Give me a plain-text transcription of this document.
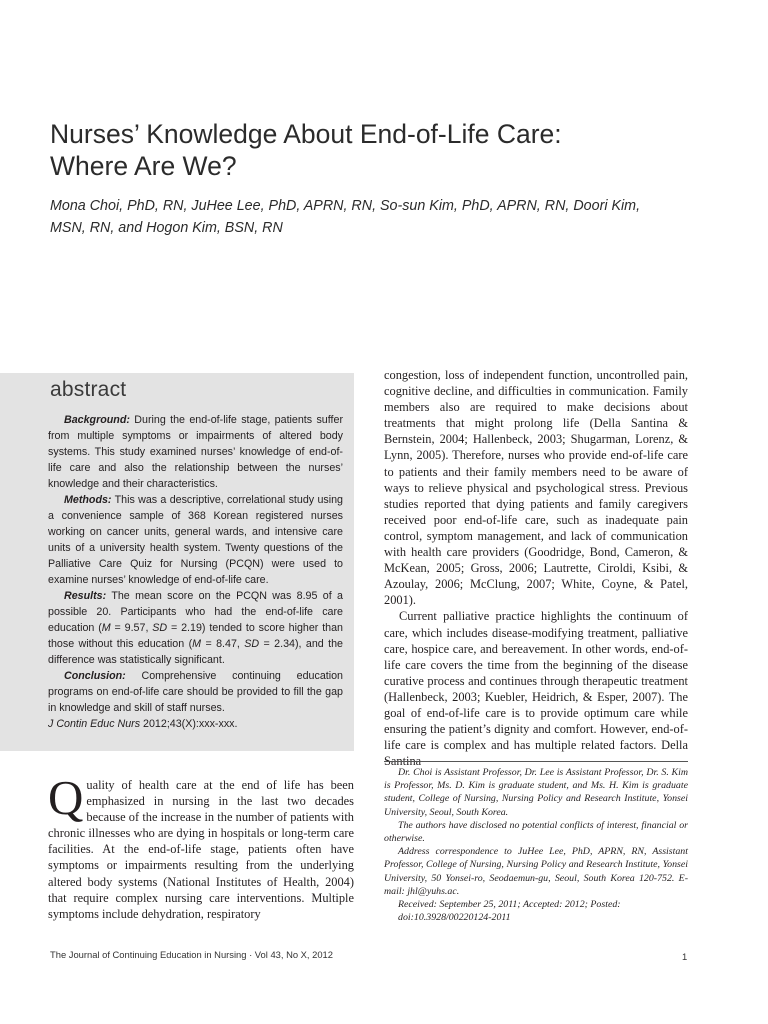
Nurses’ Knowledge About End-of-Life Care:
Where Are We?
Mona Choi, PhD, RN, JuHee Lee, PhD, APRN, RN, So-sun Kim, PhD, APRN, RN, Doori Kim,
MSN, RN, and Hogon Kim, BSN, RN
abstract

Background: During the end-of-life stage, patients suffer from multiple symptoms or impairments of altered body systems. This study examined nurses’ knowledge of end-of-life care and also the relationship between the nurses’ knowledge and their characteristics.

Methods: This was a descriptive, correlational study using a convenience sample of 368 Korean registered nurses working on cancer units, general wards, and intensive care units of a university health system. Twenty questions of the Palliative Care Quiz for Nursing (PCQN) were used to examine nurses’ knowledge of end-of-life care.

Results: The mean score on the PCQN was 8.95 of a possible 20. Participants who had the end-of-life care education (M = 9.57, SD = 2.19) tended to score higher than those without this education (M = 8.47, SD = 2.34), and the difference was statistically significant.

Conclusion: Comprehensive continuing education programs on end-of-life care should be provided to fill the gap in knowledge and skill of staff nurses.

J Contin Educ Nurs 2012;43(X):xxx-xxx.

congestion, loss of independent function, uncontrolled pain, cognitive decline, and difficulties in communication. Family members also are required to make decisions about treatments that might prolong life (Della Santina & Bernstein, 2004; Hallenbeck, 2003; Shugarman, Lorenz, & Lynn, 2005). Therefore, nurses who provide end-of-life care to patients and their family members need to be aware of ways to relieve physical and psychological stress. Previous studies reported that dying patients and family caregivers received poor end-of-life care, such as inadequate pain control, symptom management, and lack of communication with health care providers (Goodridge, Bond, Cameron, & McKean, 2005; Gross, 2006; Lautrette, Ciroldi, Ksibi, & Azoulay, 2006; McClung, 2007; White, Coyne, & Patel, 2001).

Current palliative practice highlights the continuum of care, which includes disease-modifying treatment, palliative care, hospice care, and bereavement. In other words, end-of-life care covers the time from the beginning of the disease curative process and continues through therapeutic treatment (Hallenbeck, 2003; Kuebler, Heidrich, & Esper, 2007). The goal of end-of-life care is to provide optimum care while ensuring the patient’s dignity and comfort. However, end-of-life care is complex and has multiple related factors. Della Santina

Dr. Choi is Assistant Professor, Dr. Lee is Assistant Professor, Dr. S. Kim is Professor, Ms. D. Kim is graduate student, and Ms. H. Kim is graduate student, College of Nursing, Nursing Policy and Research Institute, Yonsei University, Seoul, South Korea.

The authors have disclosed no potential conflicts of interest, financial or otherwise.

Address correspondence to JuHee Lee, PhD, APRN, RN, Assistant Professor, College of Nursing, Nursing Policy and Research Institute, Yonsei University, 50 Yonsei-ro, Seodaemun-gu, Seoul, South Korea 120-752. E-mail: jhl@yuhs.ac.

Received: September 25, 2011; Accepted: 2012; Posted:

doi:10.3928/00220124-2011

Quality of health care at the end of life has been emphasized in nursing in the last two decades because of the increase in the number of patients with chronic illnesses who are dying in hospitals or long-term care facilities. At the end-of-life stage, patients often have symptoms or impairments resulting from the underlying altered body systems (National Institutes of Health, 2004) that require complex nursing care interventions. Multiple symptoms include dehydration, respiratory

The Journal of Continuing Education in Nursing · Vol 43, No X, 2012	1
